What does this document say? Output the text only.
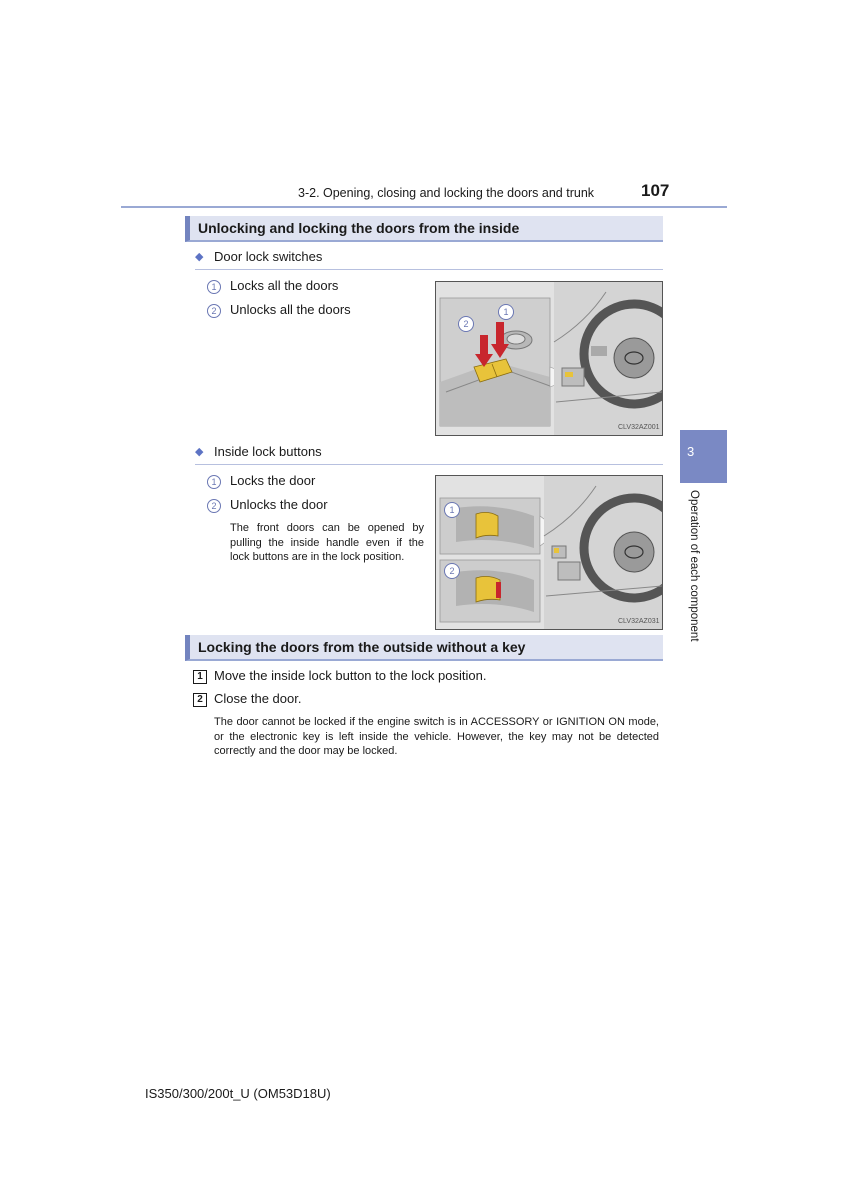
3-2. Opening, closing and locking the doors and trunk	107
Unlocking and locking the doors from the inside
◆ Door lock switches
1	Locks all the doors
2	Unlocks all the doors
2
1
CLV32AZ001
◆ Inside lock buttons
1	Locks the door
2	Unlocks the door
The front doors can be opened by pulling the inside handle even if the lock buttons are in the lock position.
1
2
CLV32AZ031
Locking the doors from the outside without a key
1 Move the inside lock button to the lock position.
2 Close the door.
The door cannot be locked if the engine switch is in ACCESSORY or IGNITION ON mode, or the electronic key is left inside the vehicle. However, the key may not be detected correctly and the door may be locked.
3
Operation of each component
IS350/300/200t_U (OM53D18U)
